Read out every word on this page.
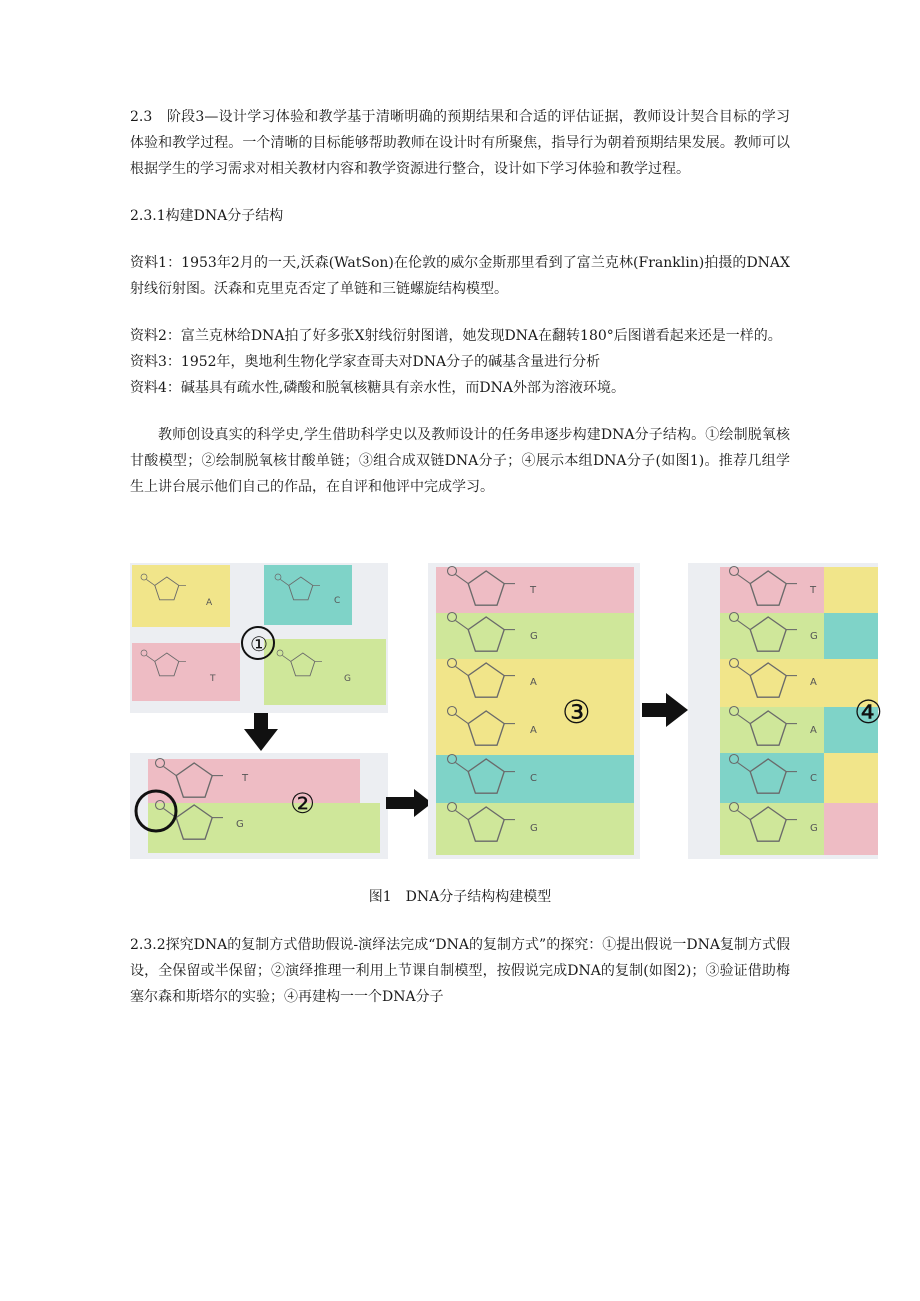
2.3　阶段3—设计学习体验和教学基于清晰明确的预期结果和合适的评估证据，教师设计契合目标的学习体验和教学过程。一个清晰的目标能够帮助教师在设计时有所聚焦，指导行为朝着预期结果发展。教师可以根据学生的学习需求对相关教材内容和教学资源进行整合，设计如下学习体验和教学过程。

2.3.1构建DNA分子结构

资料1：1953年2月的一天,沃森(WatSon)在伦敦的威尔金斯那里看到了富兰克林(Franklin)拍摄的DNAX射线衍射图。沃森和克里克否定了单链和三链螺旋结构模型。

资料2：富兰克林给DNA拍了好多张X射线衍射图谱，她发现DNA在翻转180°后图谱看起来还是一样的。

资料3：1952年，奥地利生物化学家查哥夫对DNA分子的碱基含量进行分析

资料4：碱基具有疏水性,磷酸和脱氧核糖具有亲水性，而DNA外部为溶液环境。

教师创设真实的科学史,学生借助科学史以及教师设计的任务串逐步构建DNA分子结构。①绘制脱氧核甘酸模型；②绘制脱氧核甘酸单链；③组合成双链DNA分子；④展示本组DNA分子(如图1)。推荐几组学生上讲台展示他们自己的作品，在自评和他评中完成学习。

A	C
T	G
①
T
G
②
T
G
A
A
C
G
③
T
G
A
A
C
G
④
图1　DNA分子结构构建模型

2.3.2探究DNA的复制方式借助假说-演绎法完成“DNA的复制方式”的探究：①提出假说一DNA复制方式假设，全保留或半保留；②演绎推理一利用上节课自制模型，按假说完成DNA的复制(如图2)；③验证借助梅塞尔森和斯塔尔的实验；④再建构一一个DNA分子
